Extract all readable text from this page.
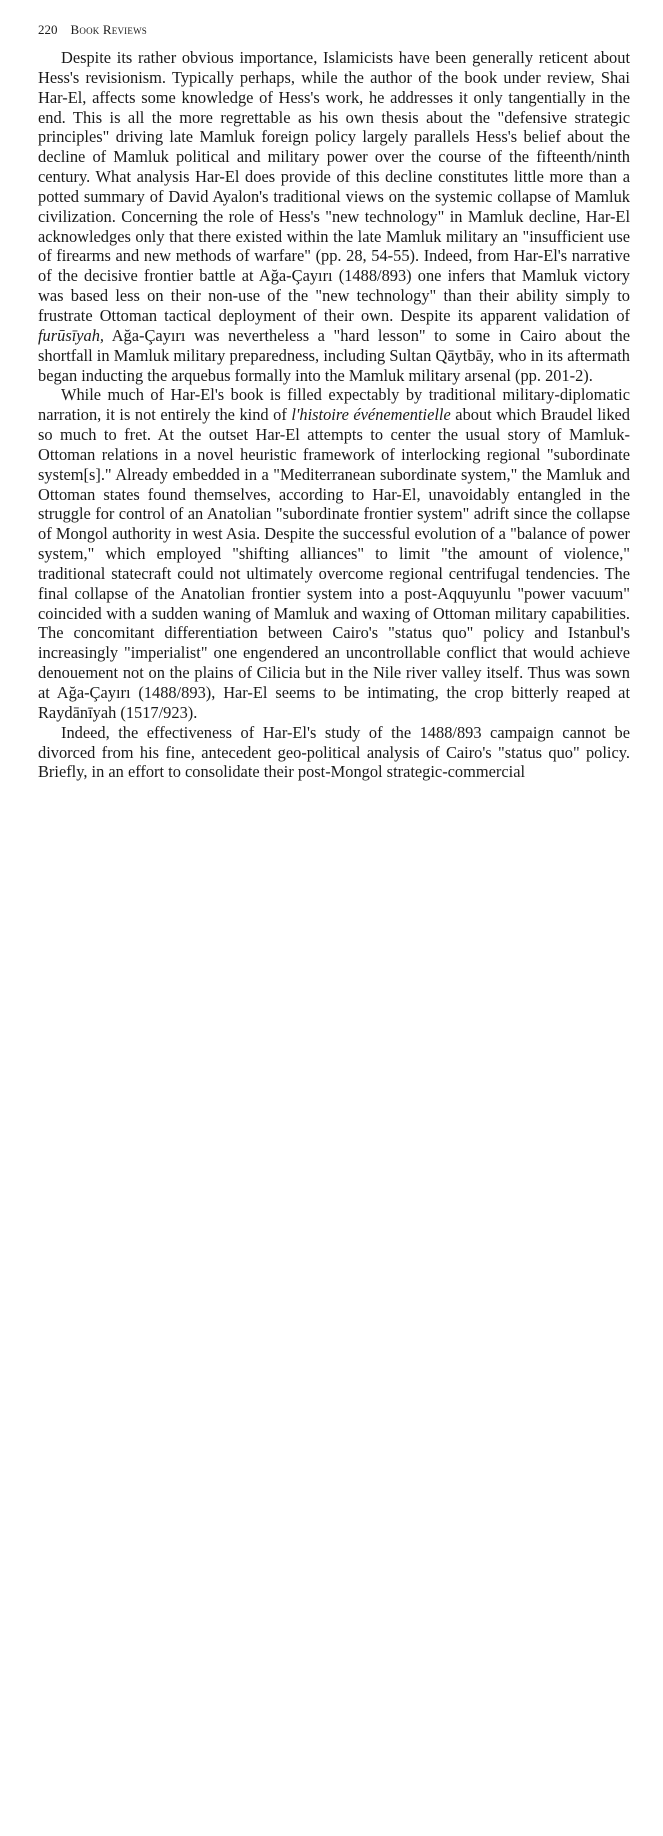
220 Book Reviews

Despite its rather obvious importance, Islamicists have been generally reticent about Hess's revisionism. Typically perhaps, while the author of the book under review, Shai Har-El, affects some knowledge of Hess's work, he addresses it only tangentially in the end. This is all the more regrettable as his own thesis about the "defensive strategic principles" driving late Mamluk foreign policy largely parallels Hess's belief about the decline of Mamluk political and military power over the course of the fifteenth/ninth century. What analysis Har-El does provide of this decline constitutes little more than a potted summary of David Ayalon's traditional views on the systemic collapse of Mamluk civilization. Concerning the role of Hess's "new technology" in Mamluk decline, Har-El acknowledges only that there existed within the late Mamluk military an "insufficient use of firearms and new methods of warfare" (pp. 28, 54-55). Indeed, from Har-El's narrative of the decisive frontier battle at Ağa-Çayırı (1488/893) one infers that Mamluk victory was based less on their non-use of the "new technology" than their ability simply to frustrate Ottoman tactical deployment of their own. Despite its apparent validation of furūsīyah, Ağa-Çayırı was nevertheless a "hard lesson" to some in Cairo about the shortfall in Mamluk military preparedness, including Sultan Qāytbāy, who in its aftermath began inducting the arquebus formally into the Mamluk military arsenal (pp. 201-2).

While much of Har-El's book is filled expectably by traditional military-diplomatic narration, it is not entirely the kind of l'histoire événementielle about which Braudel liked so much to fret. At the outset Har-El attempts to center the usual story of Mamluk-Ottoman relations in a novel heuristic framework of interlocking regional "subordinate system[s]." Already embedded in a "Mediterranean subordinate system," the Mamluk and Ottoman states found themselves, according to Har-El, unavoidably entangled in the struggle for control of an Anatolian "subordinate frontier system" adrift since the collapse of Mongol authority in west Asia. Despite the successful evolution of a "balance of power system," which employed "shifting alliances" to limit "the amount of violence," traditional statecraft could not ultimately overcome regional centrifugal tendencies. The final collapse of the Anatolian frontier system into a post-Aqquyunlu "power vacuum" coincided with a sudden waning of Mamluk and waxing of Ottoman military capabilities. The concomitant differentiation between Cairo's "status quo" policy and Istanbul's increasingly "imperialist" one engendered an uncontrollable conflict that would achieve denouement not on the plains of Cilicia but in the Nile river valley itself. Thus was sown at Ağa-Çayırı (1488/893), Har-El seems to be intimating, the crop bitterly reaped at Raydānīyah (1517/923).

Indeed, the effectiveness of Har-El's study of the 1488/893 campaign cannot be divorced from his fine, antecedent geo-political analysis of Cairo's "status quo" policy. Briefly, in an effort to consolidate their post-Mongol strategic-commercial
